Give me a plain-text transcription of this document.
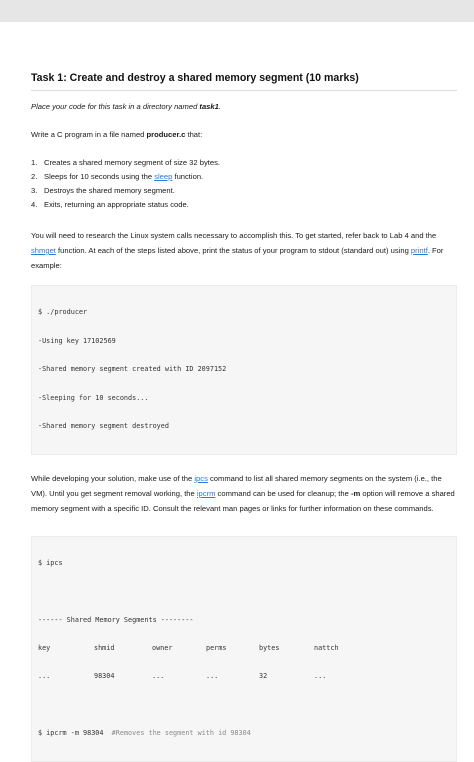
Task 1: Create and destroy a shared memory segment (10 marks)

Place your code for this task in a directory named task1.

Write a C program in a file named producer.c that:

1. Creates a shared memory segment of size 32 bytes.
2. Sleeps for 10 seconds using the sleep function.
3. Destroys the shared memory segment.
4. Exits, returning an appropriate status code.

You will need to research the Linux system calls necessary to accomplish this. To get started, refer back to Lab 4 and the shmget function. At each of the steps listed above, print the status of your program to stdout (standard out) using printf. For example:

$ ./producer

-Using key 17102569

-Shared memory segment created with ID 2097152

-Sleeping for 10 seconds...

-Shared memory segment destroyed

While developing your solution, make use of the ipcs command to list all shared memory segments on the system (i.e., the VM). Until you get segment removal working, the ipcrm command can be used for cleanup; the -m option will remove a shared memory segment with a specific ID. Consult the relevant man pages or links for further information on these commands.

$ ipcs

------ Shared Memory Segments --------

key	shmid	owner	perms	bytes	nattch

...	98304	...	...	32	...

$ ipcrm -m 98304 #Removes the segment with id 98304
